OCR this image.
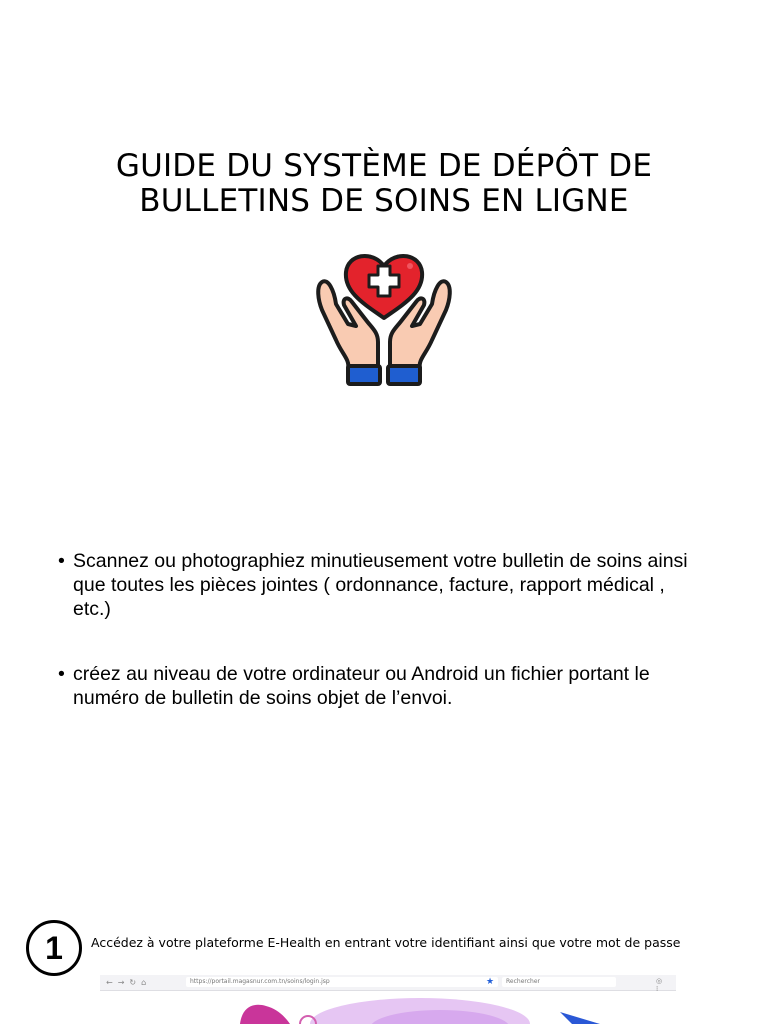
GUIDE DU SYSTÈME DE DÉPÔT DE BULLETINS DE SOINS EN LIGNE
• Scannez ou photographiez minutieusement votre bulletin de soins ainsi que toutes les pièces jointes ( ordonnance, facture, rapport médical , etc.)
• créez au niveau de votre ordinateur ou Android un fichier portant le numéro de bulletin de soins objet de l’envoi.
1 Accédez à votre plateforme E-Health en entrant votre identifiant ainsi que votre mot de passe
←→↻⌂	https://portail.magasnur.com.tn/soins/login.jsp	★	Rechercher	◎ ⁞
